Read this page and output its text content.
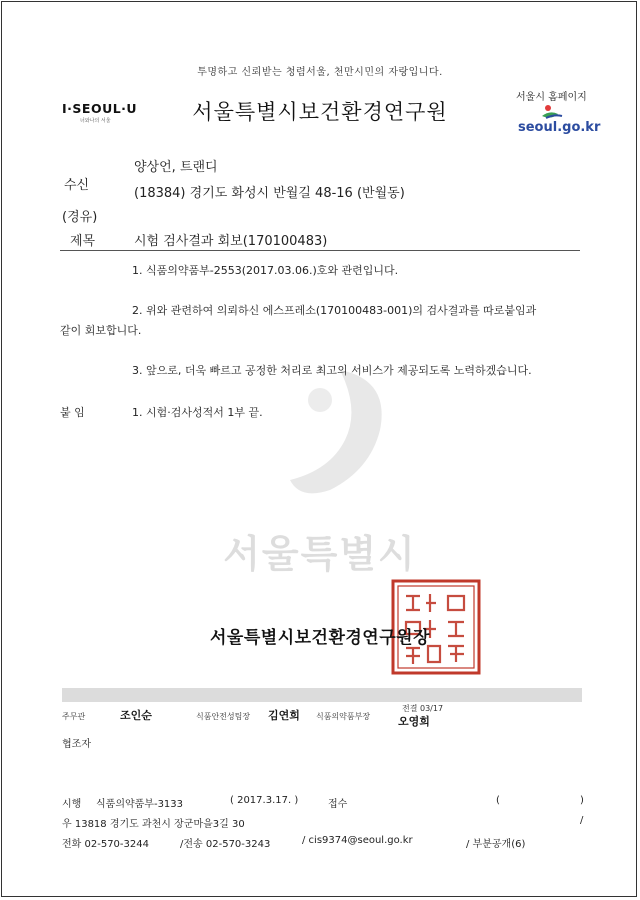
투명하고 신뢰받는 청렴서울, 천만시민의 자랑입니다.
I·SEOUL·U
너와나의 서울	서울특별시보건환경연구원
서울시 홈페이지
seoul.go.kr
수신
양상언, 트랜디
(18384) 경기도 화성시 반월길 48-16 (반월동)
(경유)
제목	시험 검사결과 회보(170100483)
서울특별시
1. 식품의약품부-2553(2017.03.06.)호와 관련입니다.
2. 위와 관련하여 의뢰하신 에스프레소(170100483-001)의 검사결과를 따로붙임과
같이 회보합니다.
3. 앞으로, 더욱 빠르고 공정한 처리로 최고의 서비스가 제공되도록 노력하겠습니다.
붙 임	1. 시험·검사성적서 1부 끝.
서울특별시보건환경연구원장
주무관	조인순	식품안전성팀장 김연희 식품의약품부장
전결 03/17
오영희
협조자
시행 식품의약품부-3133	( 2017.3.17. )	접수	(	)
우 13818 경기도 과천시 장군마을3길 30	/
전화 02-570-3244	/전송 02-570-3243	/ cis9374@seoul.go.kr	/ 부분공개(6)
